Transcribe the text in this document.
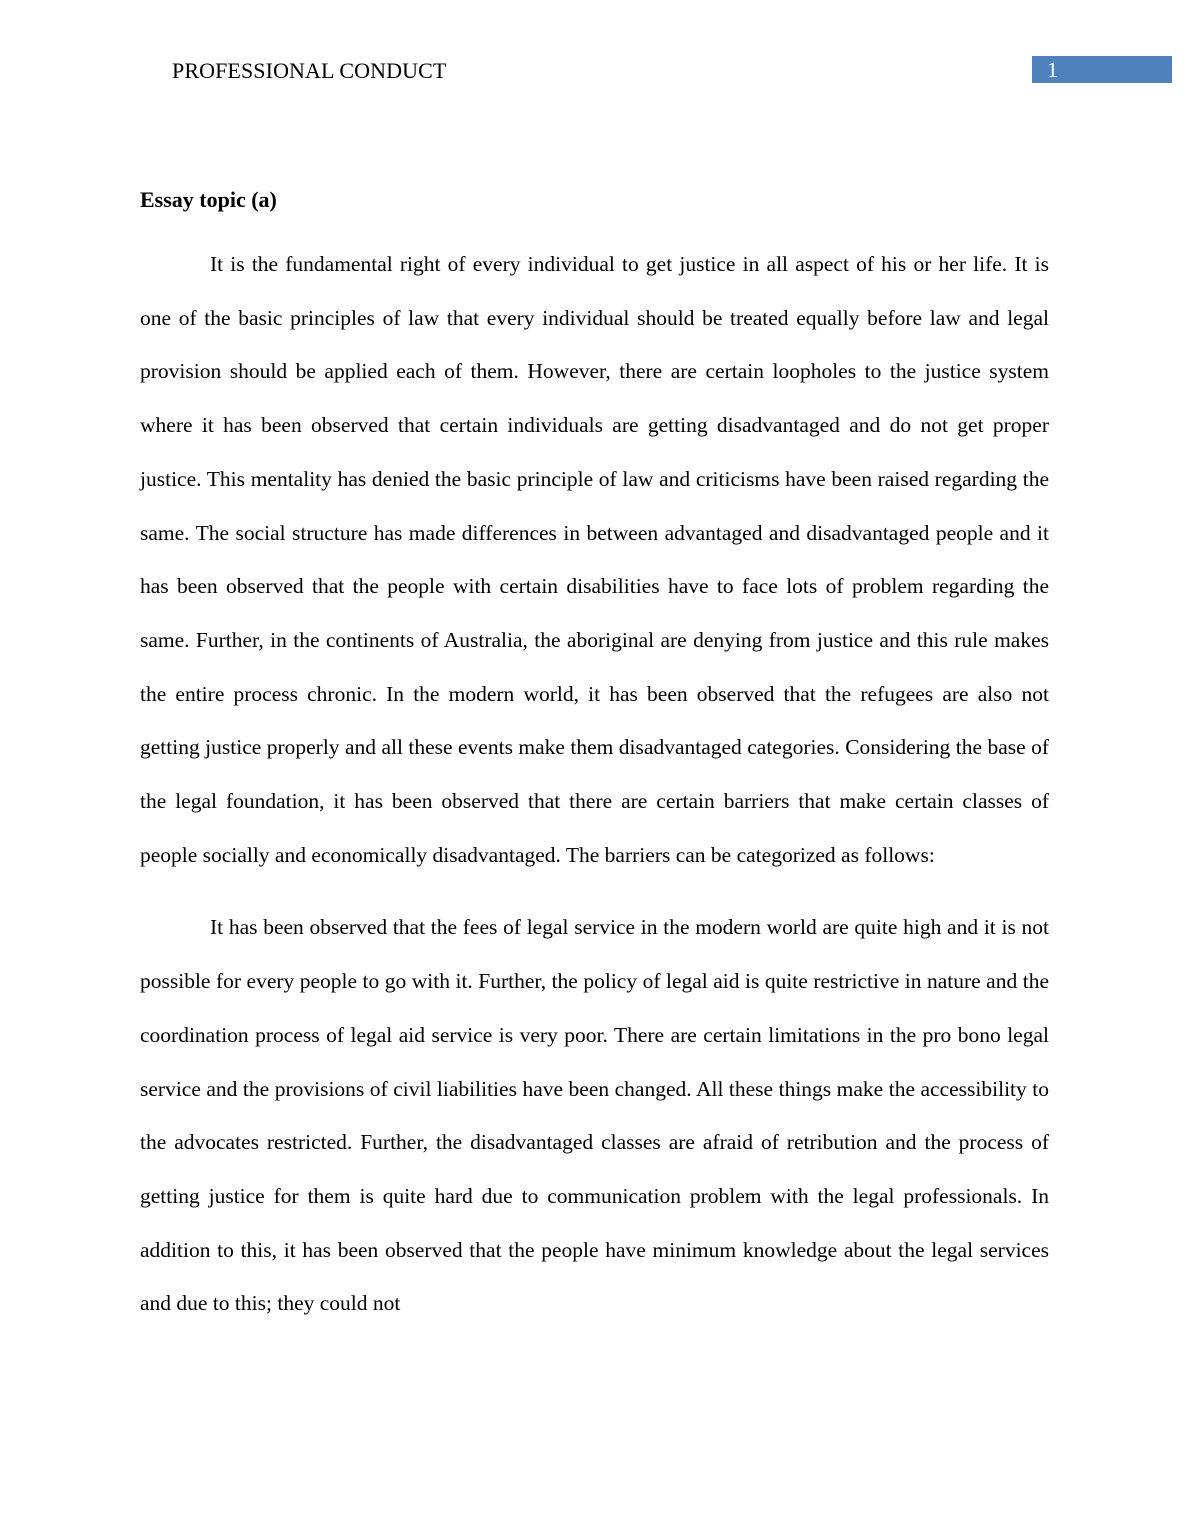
PROFESSIONAL CONDUCT	1
Essay topic (a)

It is the fundamental right of every individual to get justice in all aspect of his or her life. It is one of the basic principles of law that every individual should be treated equally before law and legal provision should be applied each of them. However, there are certain loopholes to the justice system where it has been observed that certain individuals are getting disadvantaged and do not get proper justice. This mentality has denied the basic principle of law and criticisms have been raised regarding the same. The social structure has made differences in between advantaged and disadvantaged people and it has been observed that the people with certain disabilities have to face lots of problem regarding the same. Further, in the continents of Australia, the aboriginal are denying from justice and this rule makes the entire process chronic. In the modern world, it has been observed that the refugees are also not getting justice properly and all these events make them disadvantaged categories. Considering the base of the legal foundation, it has been observed that there are certain barriers that make certain classes of people socially and economically disadvantaged. The barriers can be categorized as follows:

It has been observed that the fees of legal service in the modern world are quite high and it is not possible for every people to go with it. Further, the policy of legal aid is quite restrictive in nature and the coordination process of legal aid service is very poor. There are certain limitations in the pro bono legal service and the provisions of civil liabilities have been changed. All these things make the accessibility to the advocates restricted. Further, the disadvantaged classes are afraid of retribution and the process of getting justice for them is quite hard due to communication problem with the legal professionals. In addition to this, it has been observed that the people have minimum knowledge about the legal services and due to this; they could not
